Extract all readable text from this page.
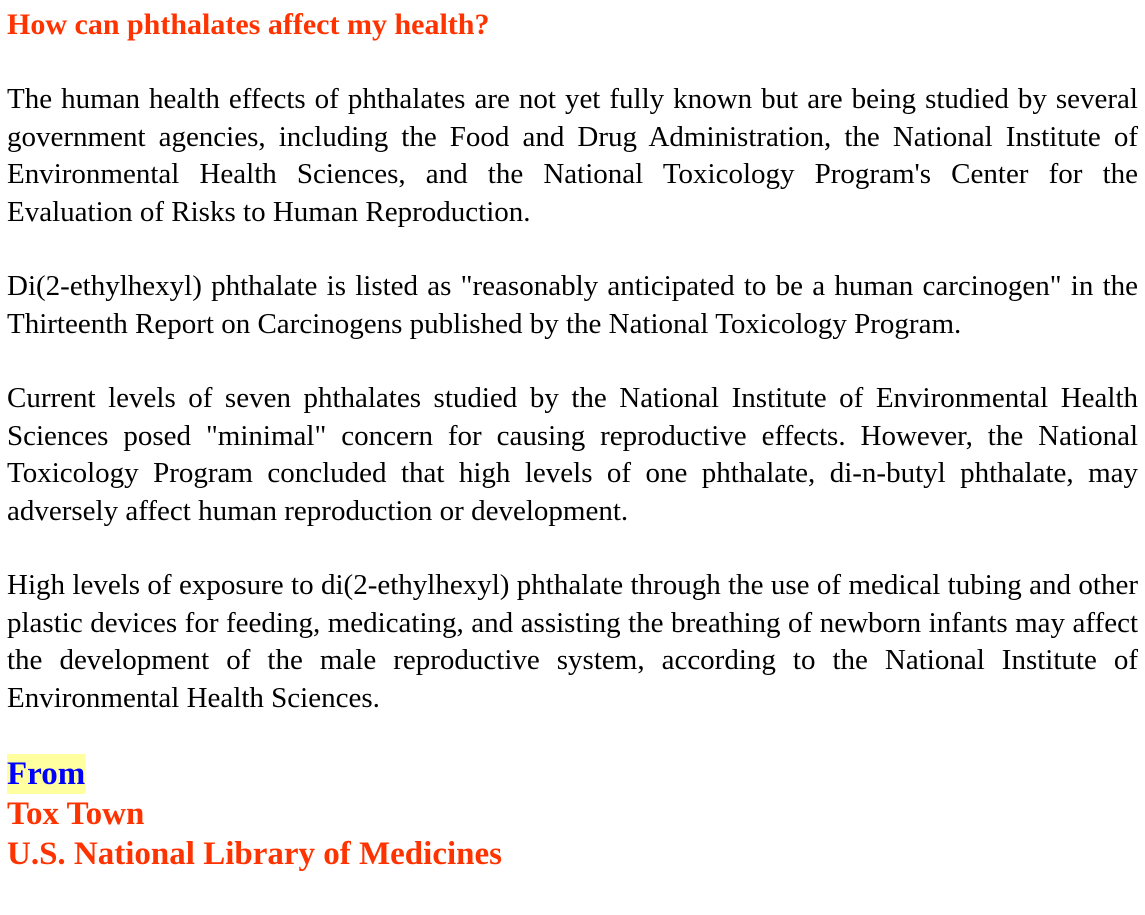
How can phthalates affect my health?

The human health effects of phthalates are not yet fully known but are being studied by several government agencies, including the Food and Drug Administration, the National Institute of Environmental Health Sciences, and the National Toxicology Program's Center for the Evaluation of Risks to Human Reproduction.

Di(2-ethylhexyl) phthalate is listed as "reasonably anticipated to be a human carcinogen" in the Thirteenth Report on Carcinogens published by the National Toxicology Program.

Current levels of seven phthalates studied by the National Institute of Environmental Health Sciences posed "minimal" concern for causing reproductive effects. However, the National Toxicology Program concluded that high levels of one phthalate, di-n-butyl phthalate, may adversely affect human reproduction or development.

High levels of exposure to di(2-ethylhexyl) phthalate through the use of medical tubing and other plastic devices for feeding, medicating, and assisting the breathing of newborn infants may affect the development of the male reproductive system, according to the National Institute of Environmental Health Sciences.

From
Tox Town
U.S. National Library of Medicines
